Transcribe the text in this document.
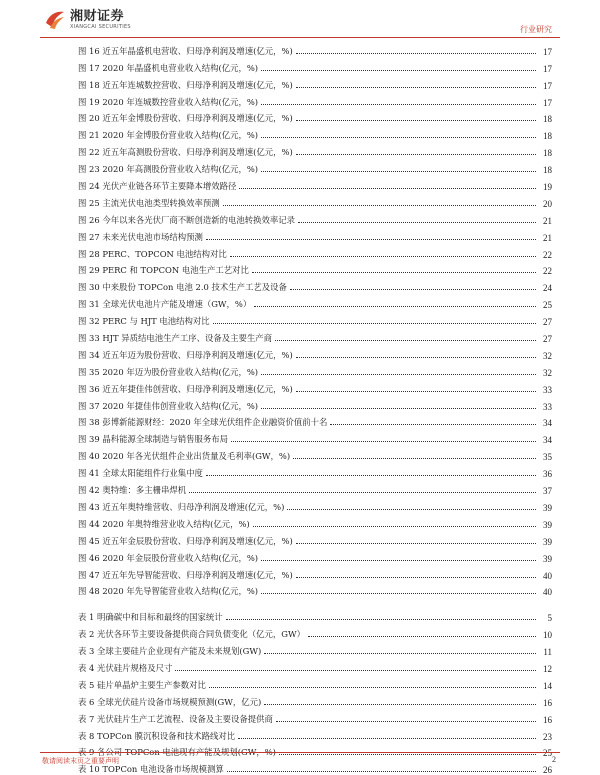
湘财证券
XIANGCAI SECURITIES	行业研究
图 16 近五年晶盛机电营收、归母净利润及增速(亿元，%)	17
图 17 2020 年晶盛机电营业收入结构(亿元，%)	17
图 18 近五年连城数控营收、归母净利润及增速(亿元，%)	17
图 19 2020 年连城数控营业收入结构(亿元，%)	17
图 20 近五年金博股份营收、归母净利润及增速(亿元，%)	18
图 21 2020 年金博股份营业收入结构(亿元，%)	18
图 22 近五年高测股份营收、归母净利润及增速(亿元，%)	18
图 23 2020 年高测股份营业收入结构(亿元，%)	18
图 24 光伏产业链各环节主要降本增效路径	19
图 25 主流光伏电池类型转换效率预测	20
图 26 今年以来各光伏厂商不断创造新的电池转换效率记录	21
图 27 未来光伏电池市场结构预测	21
图 28 PERC、TOPCON 电池结构对比	22
图 29 PERC 和 TOPCON 电池生产工艺对比	22
图 30 中来股份 TOPCon 电池 2.0 技术生产工艺及设备	24
图 31 全球光伏电池片产能及增速（GW，%）	25
图 32 PERC 与 HJT 电池结构对比	27
图 33 HJT 异质结电池生产工序、设备及主要生产商	27
图 34 近五年迈为股份营收、归母净利润及增速(亿元，%)	32
图 35 2020 年迈为股份营业收入结构(亿元，%)	32
图 36 近五年捷佳伟创营收、归母净利润及增速(亿元，%)	33
图 37 2020 年捷佳伟创营业收入结构(亿元，%)	33
图 38 彭博新能源财经：2020 年全球光伏组件企业融资价值前十名	34
图 39 晶科能源全球制造与销售服务布局	34
图 40 2020 年各光伏组件企业出货量及毛利率(GW，%)	35
图 41 全球太阳能组件行业集中度	36
图 42 奥特维：多主栅串焊机	37
图 43 近五年奥特维营收、归母净利润及增速(亿元，%)	39
图 44 2020 年奥特维营业收入结构(亿元，%)	39
图 45 近五年金辰股份营收、归母净利润及增速(亿元，%)	39
图 46 2020 年金辰股份营业收入结构(亿元，%)	39
图 47 近五年先导智能营收、归母净利润及增速(亿元，%)	40
图 48 2020 年先导智能营业收入结构(亿元，%)	40
表 1 明确碳中和目标和最终的国家统计	5
表 2 光伏各环节主要设备提供商合同负债变化（亿元，GW）	10
表 3 全球主要硅片企业现有产能及未来规划(GW)	11
表 4 光伏硅片规格及尺寸	12
表 5 硅片单晶炉主要生产参数对比	14
表 6 全球光伏硅片设备市场规模预测(GW，亿元)	16
表 7 光伏硅片生产工艺流程、设备及主要设备提供商	16
表 8 TOPCon 膜沉积设备和技术路线对比	23
表 9 各公司 TOPCon 电池现有产能及规划(GW，%)	25
表 10 TOPCon 电池设备市场规模测算	26
敬请阅读末页之重要声明	2
